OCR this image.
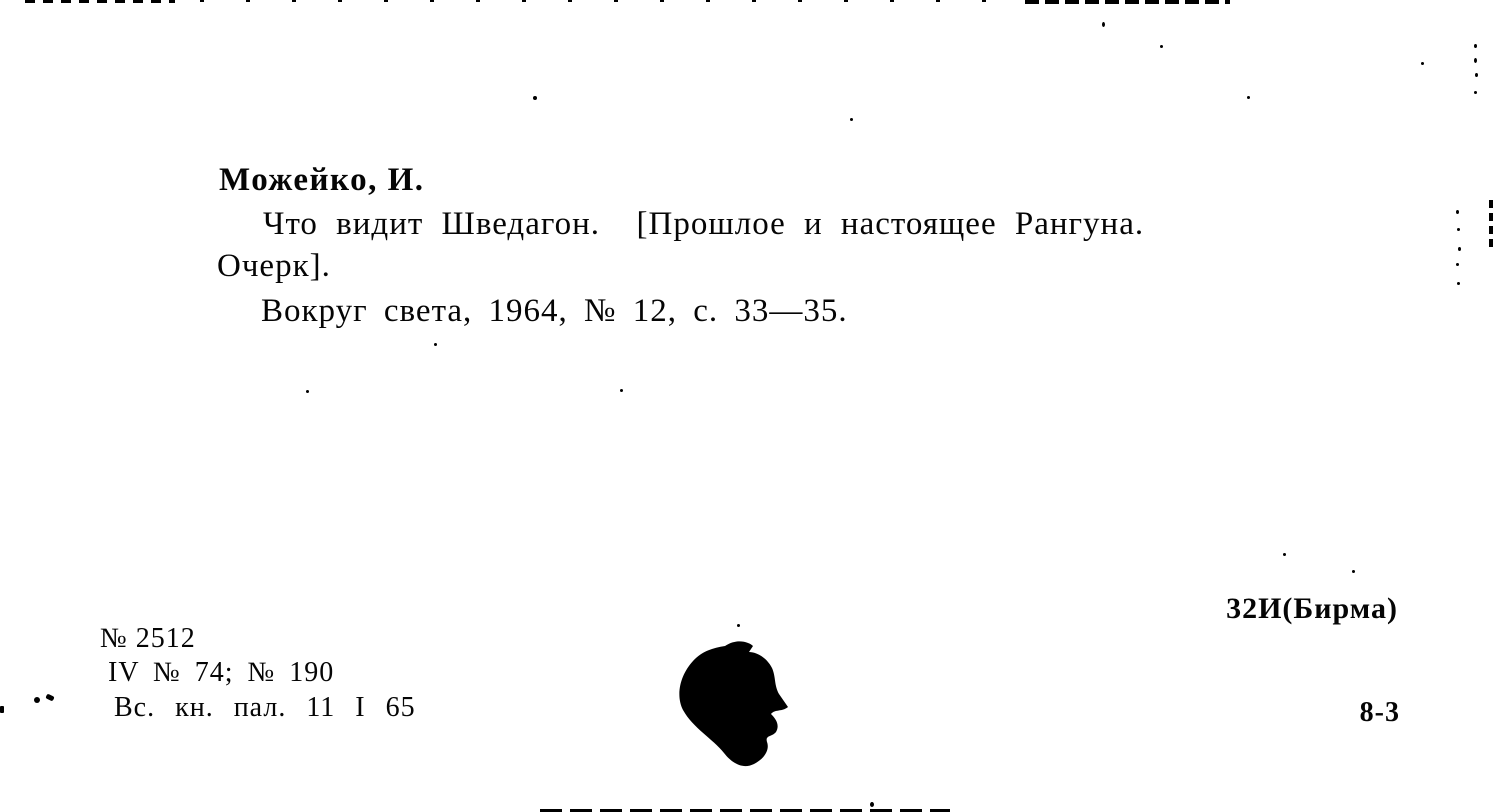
Можейко, И.
Что видит Шведагон.  [Прошлое и настоящее Рангуна.
Очерк].
Вокруг света, 1964, № 12, с. 33—35.
32И(Бирма)
№ 2512
IV № 74; № 190
Вс. кн. пал. 11 I 65	8-3
